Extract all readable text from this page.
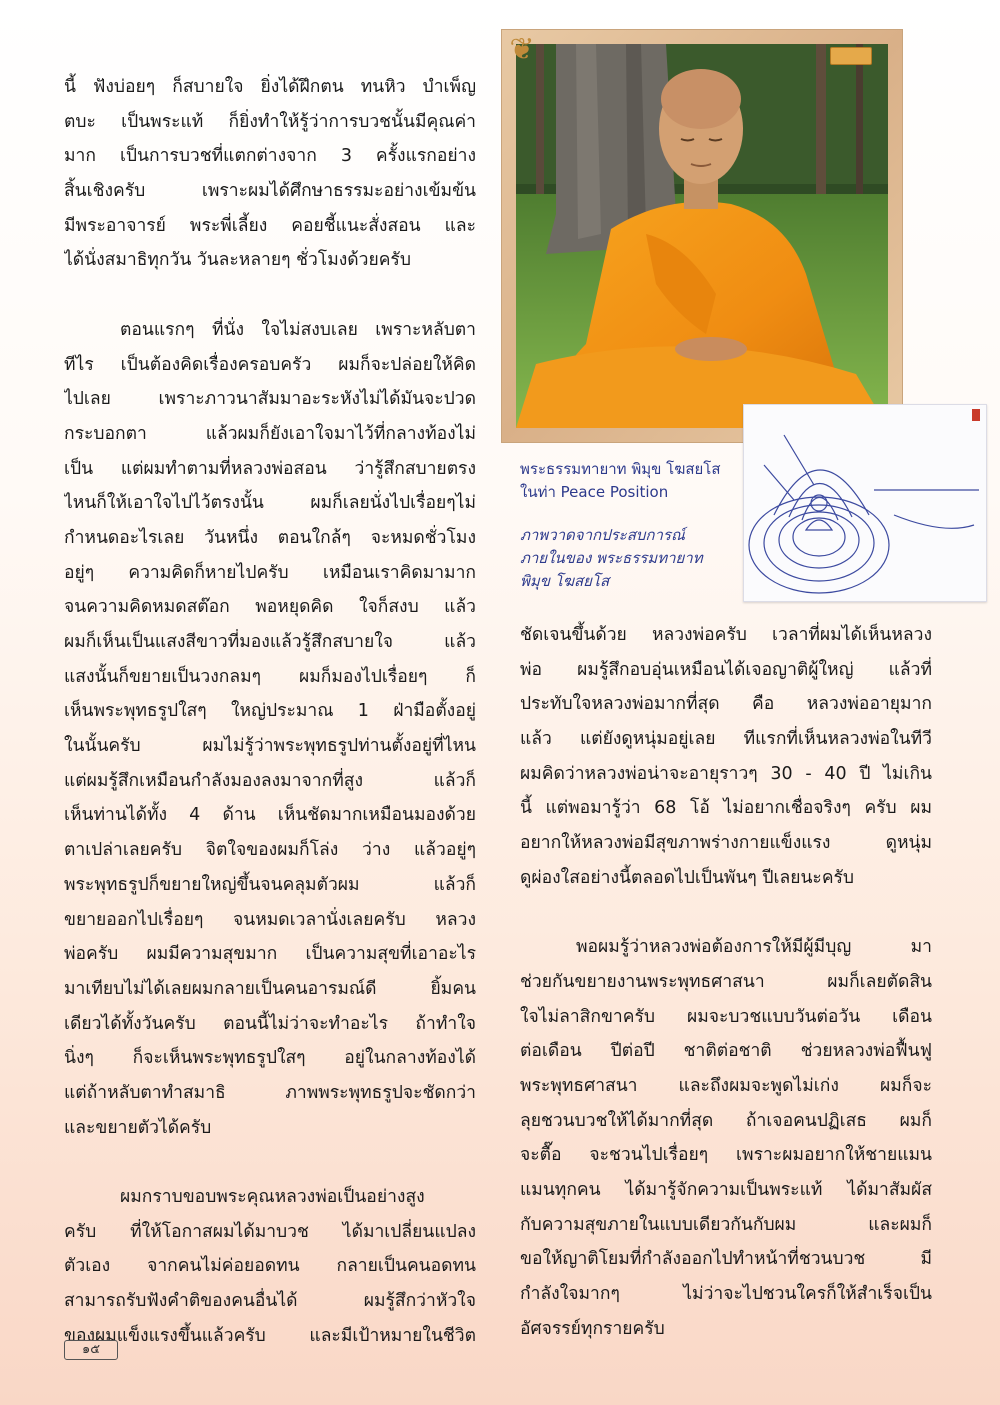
นี้ ฟังบ่อยๆ ก็สบายใจ ยิ่งได้ฝึกตน ทนหิว บำเพ็ญ
ตบะ เป็นพระแท้ ก็ยิ่งทำให้รู้ว่าการบวชนั้นมีคุณค่า
มาก เป็นการบวชที่แตกต่างจาก 3 ครั้งแรกอย่าง
สิ้นเชิงครับ เพราะผมได้ศึกษาธรรมะอย่างเข้มข้น
มีพระอาจารย์ พระพี่เลี้ยง คอยชี้แนะสั่งสอน และ
ได้นั่งสมาธิทุกวัน วันละหลายๆ ชั่วโมงด้วยครับ
ตอนแรกๆ ที่นั่ง ใจไม่สงบเลย เพราะหลับตา
ทีไร เป็นต้องคิดเรื่องครอบครัว ผมก็จะปล่อยให้คิด
ไปเลย เพราะภาวนาสัมมาอะระหังไม่ได้มันจะปวด
กระบอกตา แล้วผมก็ยังเอาใจมาไว้ที่กลางท้องไม่
เป็น แต่ผมทำตามที่หลวงพ่อสอน ว่ารู้สึกสบายตรง
ไหนก็ให้เอาใจไปไว้ตรงนั้น ผมก็เลยนั่งไปเรื่อยๆไม่
กำหนดอะไรเลย วันหนึ่ง ตอนใกล้ๆ จะหมดชั่วโมง
อยู่ๆ ความคิดก็หายไปครับ เหมือนเราคิดมามาก
จนความคิดหมดสต๊อก พอหยุดคิด ใจก็สงบ แล้ว
ผมก็เห็นเป็นแสงสีขาวที่มองแล้วรู้สึกสบายใจ แล้ว
แสงนั้นก็ขยายเป็นวงกลมๆ ผมก็มองไปเรื่อยๆ ก็
เห็นพระพุทธรูปใสๆ ใหญ่ประมาณ 1 ฝ่ามือตั้งอยู่
ในนั้นครับ ผมไม่รู้ว่าพระพุทธรูปท่านตั้งอยู่ที่ไหน
แต่ผมรู้สึกเหมือนกำลังมองลงมาจากที่สูง แล้วก็
เห็นท่านได้ทั้ง 4 ด้าน เห็นชัดมากเหมือนมองด้วย
ตาเปล่าเลยครับ จิตใจของผมก็โล่ง ว่าง แล้วอยู่ๆ
พระพุทธรูปก็ขยายใหญ่ขึ้นจนคลุมตัวผม แล้วก็
ขยายออกไปเรื่อยๆ จนหมดเวลานั่งเลยครับ หลวง
พ่อครับ ผมมีความสุขมาก เป็นความสุขที่เอาอะไร
มาเทียบไม่ได้เลยผมกลายเป็นคนอารมณ์ดี ยิ้มคน
เดียวได้ทั้งวันครับ ตอนนี้ไม่ว่าจะทำอะไร ถ้าทำใจ
นิ่งๆ ก็จะเห็นพระพุทธรูปใสๆ อยู่ในกลางท้องได้
แต่ถ้าหลับตาทำสมาธิ ภาพพระพุทธรูปจะชัดกว่า
และขยายตัวได้ครับ
ผมกราบขอบพระคุณหลวงพ่อเป็นอย่างสูง
ครับ ที่ให้โอกาสผมได้มาบวช ได้มาเปลี่ยนแปลง
ตัวเอง จากคนไม่ค่อยอดทน กลายเป็นคนอดทน
สามารถรับฟังคำติของคนอื่นได้ ผมรู้สึกว่าหัวใจ
ของผมแข็งแรงขึ้นแล้วครับ และมีเป้าหมายในชีวิต
❦
พระธรรมทายาท พิมุข โฆสยโส
ในท่า Peace Position
ภาพวาดจากประสบการณ์
ภายในของ พระธรรมทายาท
พิมุข โฆสยโส
ชัดเจนขึ้นด้วย หลวงพ่อครับ เวลาที่ผมได้เห็นหลวง
พ่อ ผมรู้สึกอบอุ่นเหมือนได้เจอญาติผู้ใหญ่ แล้วที่
ประทับใจหลวงพ่อมากที่สุด คือ หลวงพ่ออายุมาก
แล้ว แต่ยังดูหนุ่มอยู่เลย ทีแรกที่เห็นหลวงพ่อในทีวี
ผมคิดว่าหลวงพ่อน่าจะอายุราวๆ 30 - 40 ปี ไม่เกิน
นี้ แต่พอมารู้ว่า 68 โอ้ ไม่อยากเชื่อจริงๆ ครับ ผม
อยากให้หลวงพ่อมีสุขภาพร่างกายแข็งแรง ดูหนุ่ม
ดูผ่องใสอย่างนี้ตลอดไปเป็นพันๆ ปีเลยนะครับ
พอผมรู้ว่าหลวงพ่อต้องการให้มีผู้มีบุญ มา
ช่วยกันขยายงานพระพุทธศาสนา ผมก็เลยตัดสิน
ใจไม่ลาสิกขาครับ ผมจะบวชแบบวันต่อวัน เดือน
ต่อเดือน ปีต่อปี ชาติต่อชาติ ช่วยหลวงพ่อฟื้นฟู
พระพุทธศาสนา และถึงผมจะพูดไม่เก่ง ผมก็จะ
ลุยชวนบวชให้ได้มากที่สุด ถ้าเจอคนปฏิเสธ ผมก็
จะตื๊อ จะชวนไปเรื่อยๆ เพราะผมอยากให้ชายแมน
แมนทุกคน ได้มารู้จักความเป็นพระแท้ ได้มาสัมผัส
กับความสุขภายในแบบเดียวกันกับผม และผมก็
ขอให้ญาติโยมที่กำลังออกไปทำหน้าที่ชวนบวช มี
กำลังใจมากๆ ไม่ว่าจะไปชวนใครก็ให้สำเร็จเป็น
อัศจรรย์ทุกรายครับ
๑๕
